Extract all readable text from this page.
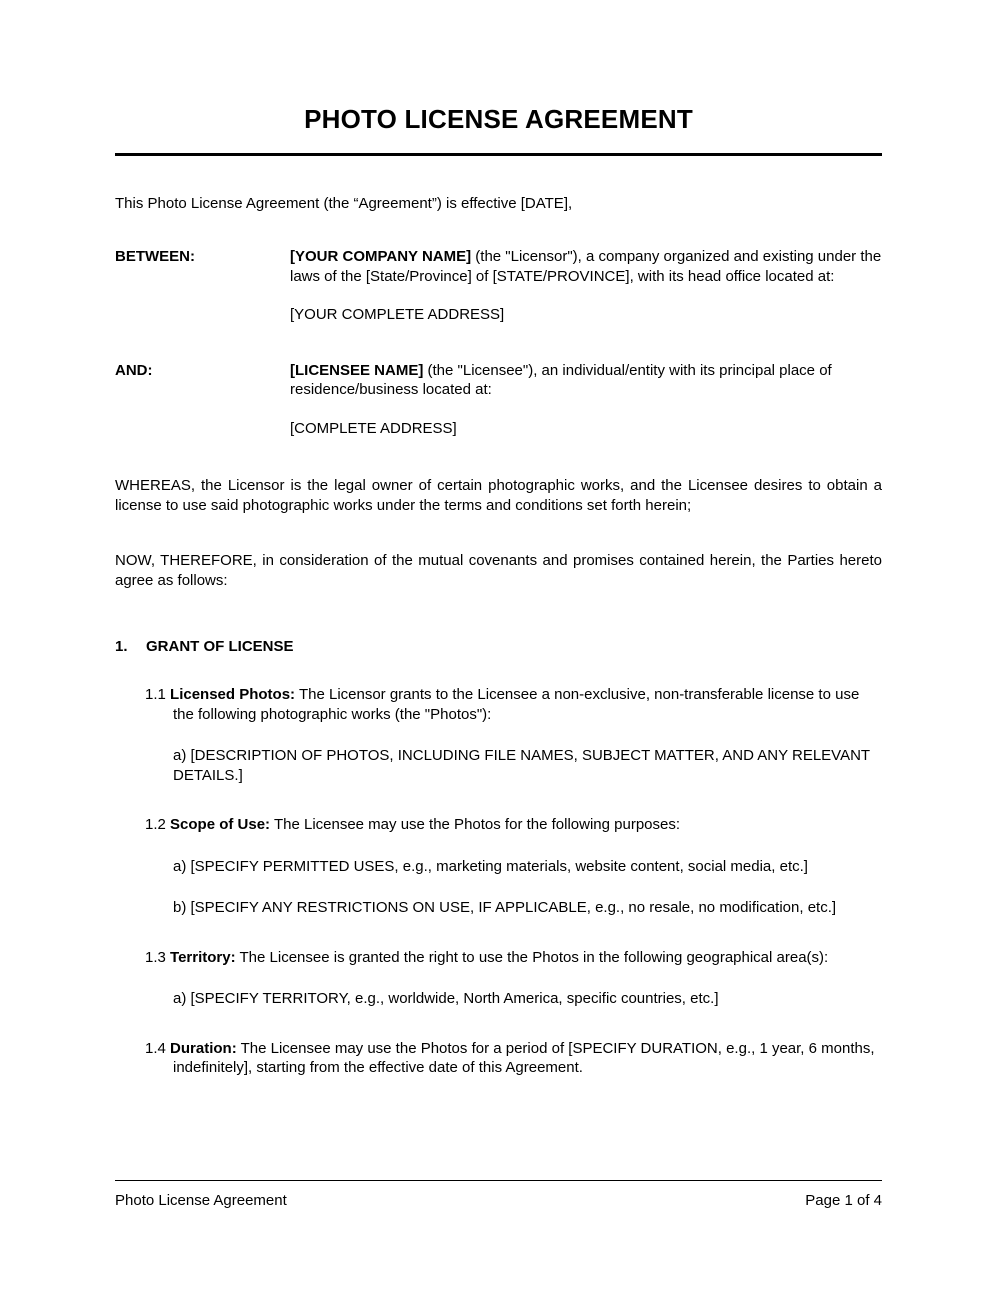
PHOTO LICENSE AGREEMENT
This Photo License Agreement (the “Agreement”) is effective [DATE],
BETWEEN:	[YOUR COMPANY NAME] (the "Licensor"), a company organized and existing under the laws of the [State/Province] of [STATE/PROVINCE], with its head office located at:
[YOUR COMPLETE ADDRESS]
AND:	[LICENSEE NAME] (the "Licensee"), an individual/entity with its principal place of residence/business located at:
[COMPLETE ADDRESS]
WHEREAS, the Licensor is the legal owner of certain photographic works, and the Licensee desires to obtain a license to use said photographic works under the terms and conditions set forth herein;
NOW, THEREFORE, in consideration of the mutual covenants and promises contained herein, the Parties hereto agree as follows:
1.	GRANT OF LICENSE
1.1 Licensed Photos: The Licensor grants to the Licensee a non-exclusive, non-transferable license to use the following photographic works (the "Photos"):
a) [DESCRIPTION OF PHOTOS, INCLUDING FILE NAMES, SUBJECT MATTER, AND ANY RELEVANT DETAILS.]
1.2 Scope of Use: The Licensee may use the Photos for the following purposes:
a) [SPECIFY PERMITTED USES, e.g., marketing materials, website content, social media, etc.]
b) [SPECIFY ANY RESTRICTIONS ON USE, IF APPLICABLE, e.g., no resale, no modification, etc.]
1.3 Territory: The Licensee is granted the right to use the Photos in the following geographical area(s):
a) [SPECIFY TERRITORY, e.g., worldwide, North America, specific countries, etc.]
1.4 Duration: The Licensee may use the Photos for a period of [SPECIFY DURATION, e.g., 1 year, 6 months, indefinitely], starting from the effective date of this Agreement.
Photo License Agreement	Page 1 of 4
